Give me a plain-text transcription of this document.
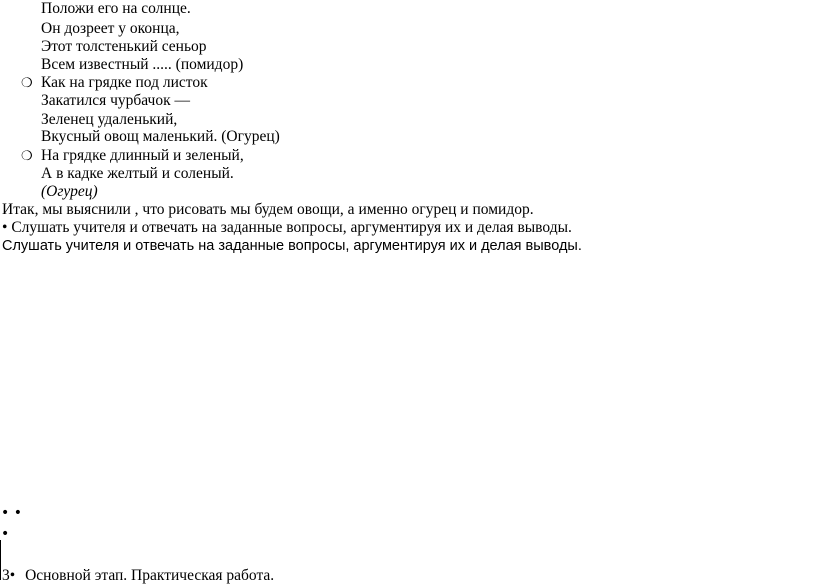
Положи его на солнце.
Он дозреет у оконца,
Этот толстенький сеньор
Всем известный ..... (помидор)
❍ Как на грядке под листок
Закатился чурбачок —
Зеленец удаленький,
Вкусный овощ маленький. (Огурец)
❍ На грядке длинный и зеленый,
А в кадке желтый и соленый.
(Огурец)
Итак, мы выяснили , что рисовать мы будем овощи, а именно огурец и помидор.
• Слушать учителя и отвечать на заданные вопросы, аргументируя их и делая выводы.
Слушать учителя и отвечать на заданные вопросы, аргументируя их и делая выводы.
• •
•
3• Основной этап. Практическая работа.
